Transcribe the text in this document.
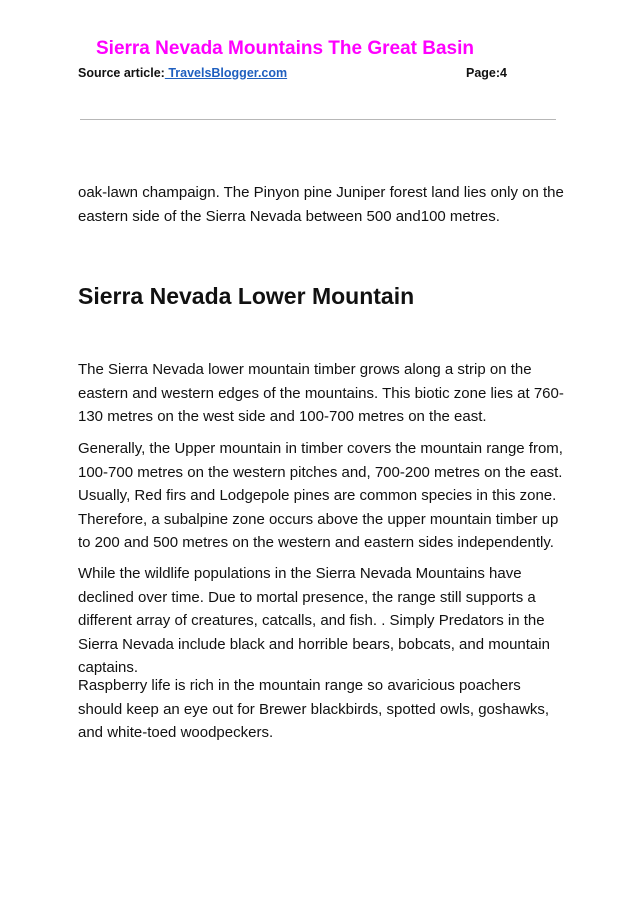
Sierra Nevada Mountains The Great Basin
Source article: TravelsBlogger.com	Page:4

oak-lawn champaign. The Pinyon pine Juniper forest land lies only on the eastern side of the Sierra Nevada between 500 and100 metres.

Sierra Nevada Lower Mountain

The Sierra Nevada lower mountain timber grows along a strip on the eastern and western edges of the mountains. This biotic zone lies at 760-130 metres on the west side and 100-700 metres on the east.

Generally, the Upper mountain in timber covers the mountain range from, 100-700 metres on the western pitches and, 700-200 metres on the east. Usually, Red firs and Lodgepole pines are common species in this zone. Therefore, a subalpine zone occurs above the upper mountain timber up to 200 and 500 metres on the western and eastern sides independently.

While the wildlife populations in the Sierra Nevada Mountains have declined over time. Due to mortal presence, the range still supports a different array of creatures, catcalls, and fish. . Simply Predators in the Sierra Nevada include black and horrible bears, bobcats, and mountain captains.

Raspberry life is rich in the mountain range so avaricious poachers should keep an eye out for Brewer blackbirds, spotted owls, goshawks, and white-toed woodpeckers.
